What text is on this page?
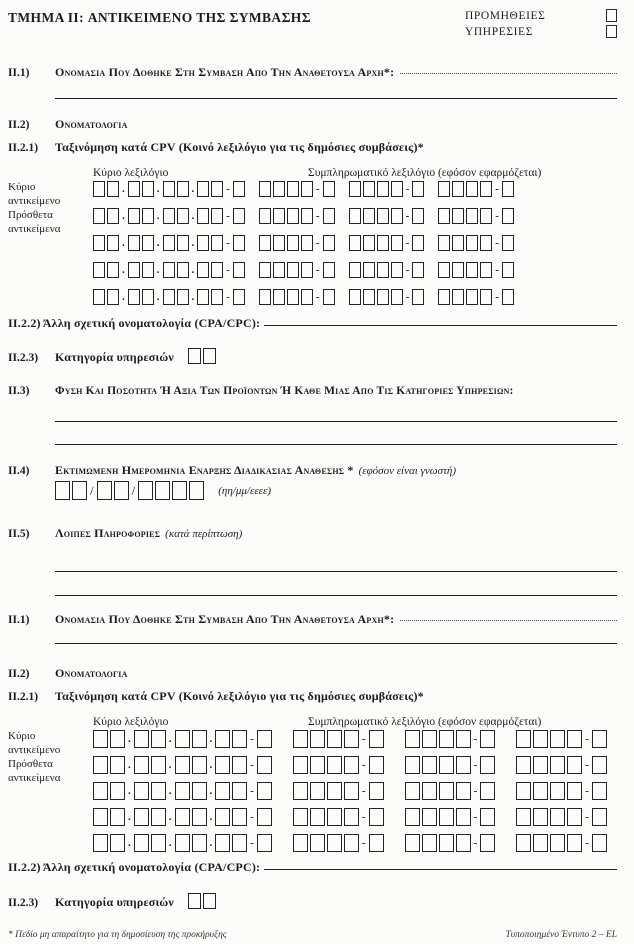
ΤΜΗΜΑ II: ΑΝΤΙΚΕΙΜΕΝΟ ΤΗΣ ΣΥΜΒΑΣΗΣ	ΠΡΟΜΗΘΕΙΕΣ
ΥΠΗΡΕΣΙΕΣ
II.1)	Ονομασια Που Δοθηκε Στη Συμβαση Απο Την Αναθετουσα Αρχη*:
II.2)	Ονοματολογια
II.2.1)	Ταξινόμηση κατά CPV (Κοινό λεξιλόγιο για τις δημόσιες συμβάσεις)*
Κύριο λεξιλόγιο	Συμπληρωματικό λεξιλόγιο (εφόσον εφαρμόζεται)
Κύριο αντικείμενο
Πρόσθετα αντικείμενα
.	.	.	-	-	-	-
.	.	.	-	-	-	-
.	.	.	-	-	-	-
.	.	.	-	-	-	-
.	.	.	-	-	-	-
II.2.2) Άλλη σχετική ονοματολογία (CPA/CPC):
II.2.3)	Κατηγορία υπηρεσιών
II.3)	Φυση Και Ποσοτητα Ή Αξια Των Προϊοντων Ή Καθε Μιας Απο Τις Κατηγοριες Υπηρεσιων:
II.4)	Εκτιμωμενη Ημερομηνια Εναρξης Διαδικασιας Αναθεσης * (εφόσον είναι γνωστή)
/	/	(ηη/μμ/εεεε)
II.5)	Λοιπες Πληροφοριες (κατά περίπτωση)
II.1)	Ονομασια Που Δοθηκε Στη Συμβαση Απο Την Αναθετουσα Αρχη*:
II.2)	Ονοματολογια
II.2.1)	Ταξινόμηση κατά CPV (Κοινό λεξιλόγιο για τις δημόσιες συμβάσεις)*
Κύριο λεξιλόγιο	Συμπληρωματικό λεξιλόγιο (εφόσον εφαρμόζεται)
Κύριο αντικείμενο
Πρόσθετα αντικείμενα
.	.	.	-	-	-	-
.	.	.	-	-	-	-
.	.	.	-	-	-	-
.	.	.	-	-	-	-
.	.	.	-	-	-	-
II.2.2) Άλλη σχετική ονοματολογία (CPA/CPC):
II.2.3)	Κατηγορία υπηρεσιών
* Πεδίο μη απαραίτητο για τη δημοσίευση της προκήρυξης	Τυποποιημένο Έντυπο 2 – EL
